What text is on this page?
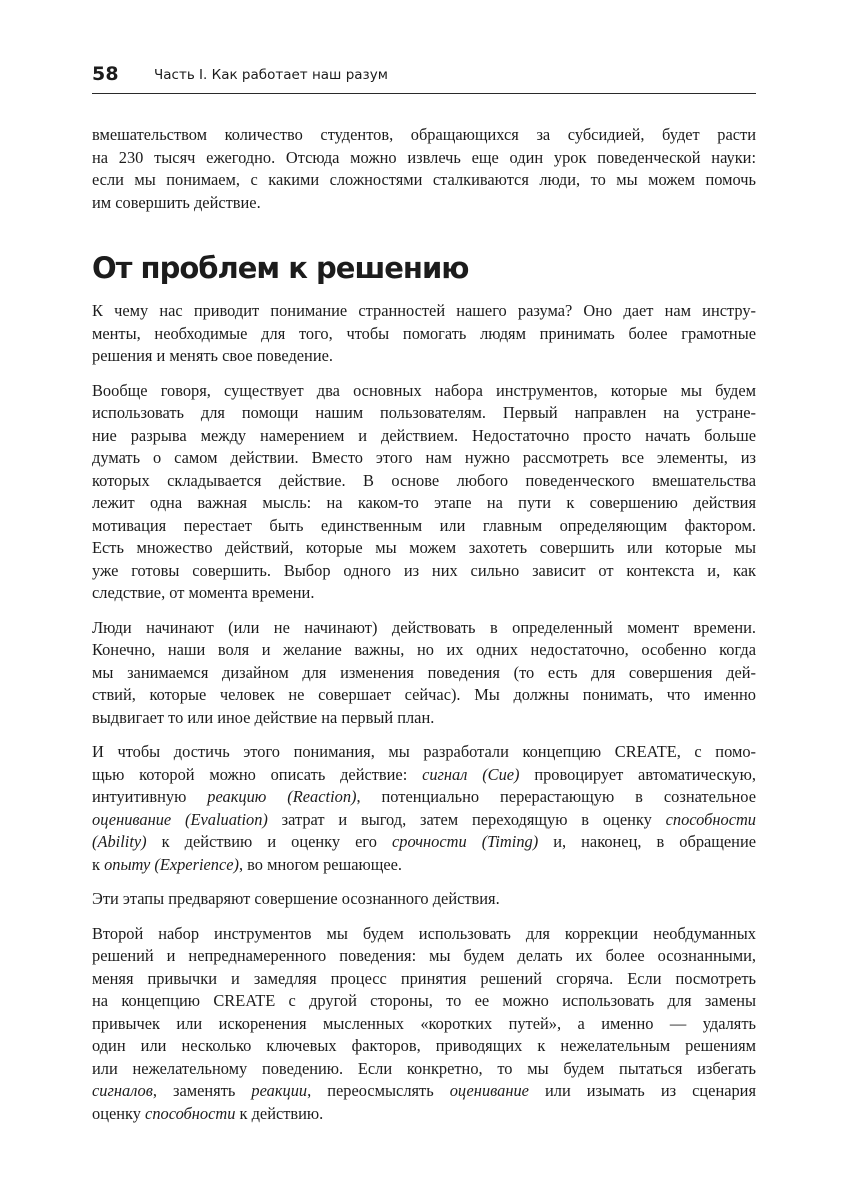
58	Часть I. Как работает наш разум

вмешательством количество студентов, обращающихся за субсидией, будет расти
на 230 тысяч ежегодно. Отсюда можно извлечь еще один урок поведенческой науки:
если мы понимаем, с какими сложностями сталкиваются люди, то мы можем помочь
им совершить действие.

От проблем к решению

К чему нас приводит понимание странностей нашего разума? Оно дает нам инстру-
менты, необходимые для того, чтобы помогать людям принимать более грамотные
решения и менять свое поведение.

Вообще говоря, существует два основных набора инструментов, которые мы будем
использовать для помощи нашим пользователям. Первый направлен на устране-
ние разрыва между намерением и действием. Недостаточно просто начать больше
думать о самом действии. Вместо этого нам нужно рассмотреть все элементы, из
которых складывается действие. В основе любого поведенческого вмешательства
лежит одна важная мысль: на каком-то этапе на пути к совершению действия
мотивация перестает быть единственным или главным определяющим фактором.
Есть множество действий, которые мы можем захотеть совершить или которые мы
уже готовы совершить. Выбор одного из них сильно зависит от контекста и, как
следствие, от момента времени.

Люди начинают (или не начинают) действовать в определенный момент времени.
Конечно, наши воля и желание важны, но их одних недостаточно, особенно когда
мы занимаемся дизайном для изменения поведения (то есть для совершения дей-
ствий, которые человек не совершает сейчас). Мы должны понимать, что именно
выдвигает то или иное действие на первый план.

И чтобы достичь этого понимания, мы разработали концепцию CREATE, с помо-
щью которой можно описать действие: сигнал (Cue) провоцирует автоматическую,
интуитивную реакцию (Reaction), потенциально перерастающую в сознательное
оценивание (Evaluation) затрат и выгод, затем переходящую в оценку способности
(Ability) к действию и оценку его срочности (Timing) и, наконец, в обращение
к опыту (Experience), во многом решающее.

Эти этапы предваряют совершение осознанного действия.

Второй набор инструментов мы будем использовать для коррекции необдуманных
решений и непреднамеренного поведения: мы будем делать их более осознанными,
меняя привычки и замедляя процесс принятия решений сгоряча. Если посмотреть
на концепцию CREATE с другой стороны, то ее можно использовать для замены
привычек или искоренения мысленных «коротких путей», а именно — удалять
один или несколько ключевых факторов, приводящих к нежелательным решениям
или нежелательному поведению. Если конкретно, то мы будем пытаться избегать
сигналов, заменять реакции, переосмыслять оценивание или изымать из сценария
оценку способности к действию.
